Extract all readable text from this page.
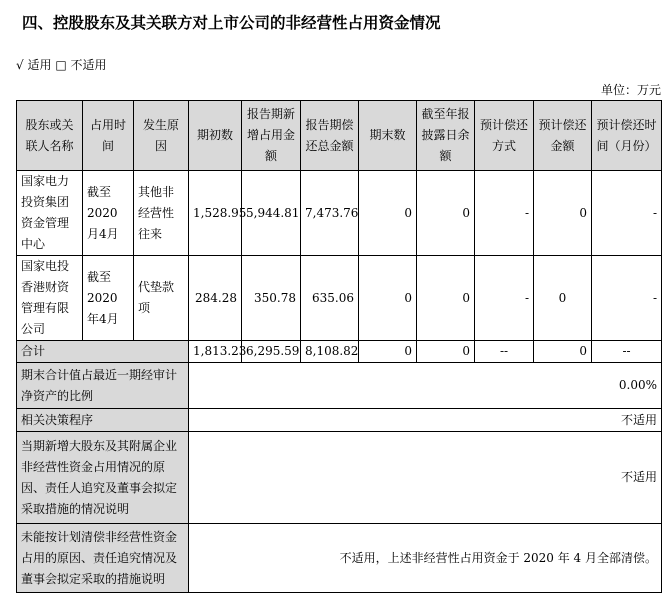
四、控股股东及其关联方对上市公司的非经营性占用资金情况
√ 适用 □ 不适用
单位：万元
股东或关联人名称	占用时间	发生原因	期初数	报告期新增占用金额	报告期偿还总金额	期末数	截至年报披露日余额	预计偿还方式	预计偿还金额	预计偿还时间（月份）
国家电力投资集团资金管理中心	截至2020月4月	其他非经营性往来	1,528.95	5,944.81	7,473.76	0	0	-	0	-
国家电投香港财资管理有限公司	截至2020年4月	代垫款项	284.28	350.78	635.06	0	0	-	0	-
合计			1,813.23	6,295.59	8,108.82	0	0	--	0	--
期末合计值占最近一期经审计净资产的比例			0.00%							
相关决策程序			不适用							
当期新增大股东及其附属企业非经营性资金占用情况的原因、责任人追究及董事会拟定采取措施的情况说明			不适用							
未能按计划清偿非经营性资金占用的原因、责任追究情况及董事会拟定采取的措施说明			不适用，上述非经营性占用资金于 2020 年 4 月全部清偿。							
